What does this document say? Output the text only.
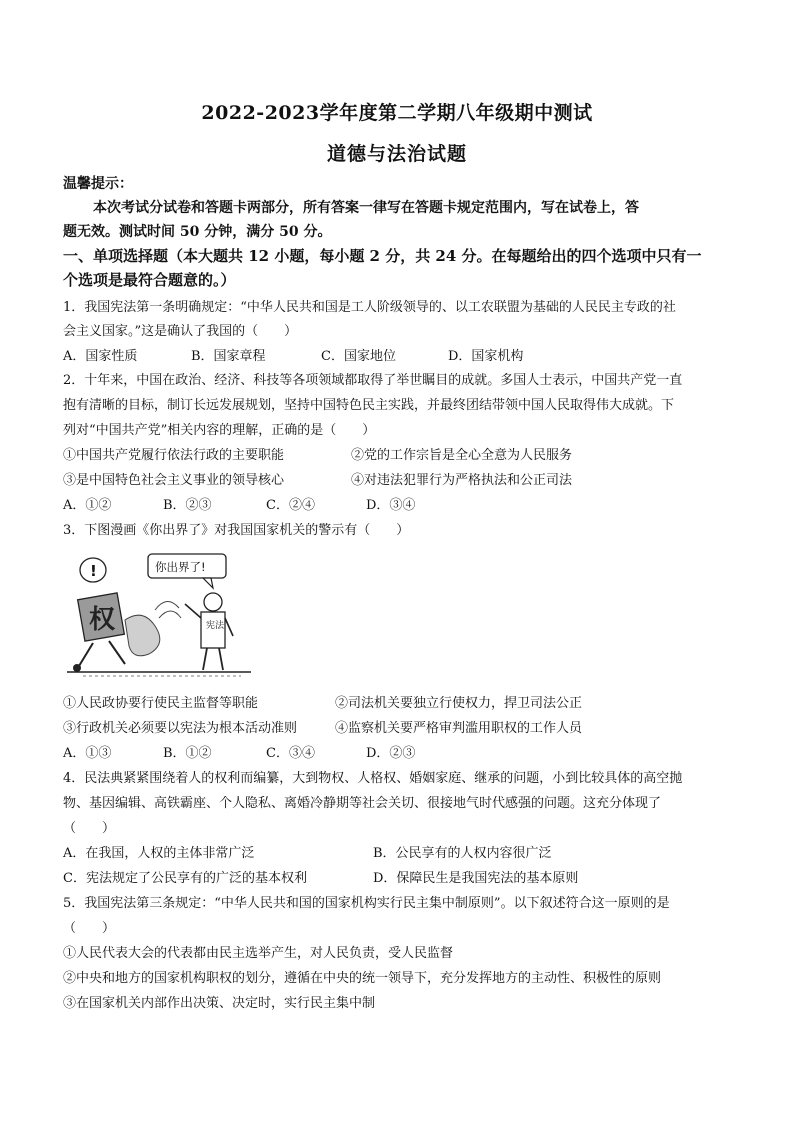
2022-2023学年度第二学期八年级期中测试
道德与法治试题
温馨提示：
本次考试分试卷和答题卡两部分，所有答案一律写在答题卡规定范围内，写在试卷上，答
题无效。测试时间 50 分钟，满分 50 分。
一、单项选择题（本大题共 12 小题，每小题 2 分，共 24 分。在每题给出的四个选项中只有一
个选项是最符合题意的。）
1．我国宪法第一条明确规定：“中华人民共和国是工人阶级领导的、以工农联盟为基础的人民民主专政的社
会主义国家。”这是确认了我国的（　　）
A．国家性质	B．国家章程	C．国家地位	D．国家机构
2．十年来，中国在政治、经济、科技等各项领域都取得了举世瞩目的成就。多国人士表示，中国共产党一直
抱有清晰的目标，制订长远发展规划，坚持中国特色民主实践，并最终团结带领中国人民取得伟大成就。下
列对“中国共产党”相关内容的理解，正确的是（　　）
①中国共产党履行依法行政的主要职能	②党的工作宗旨是全心全意为人民服务
③是中国特色社会主义事业的领导核心	④对违法犯罪行为严格执法和公正司法
A．①②	B．②③	C．②④	D．③④
3．下图漫画《你出界了》对我国国家机关的警示有（　　）
!	你出界了!
权	宪法
①人民政协要行使民主监督等职能	②司法机关要独立行使权力，捍卫司法公正
③行政机关必须要以宪法为根本活动准则	④监察机关要严格审判滥用职权的工作人员
A．①③	B．①②	C．③④	D．②③
4．民法典紧紧围绕着人的权利而编纂，大到物权、人格权、婚姻家庭、继承的问题，小到比较具体的高空抛
物、基因编辑、高铁霸座、个人隐私、离婚冷静期等社会关切、很接地气时代感强的问题。这充分体现了
（　　）
A．在我国，人权的主体非常广泛	B．公民享有的人权内容很广泛
C．宪法规定了公民享有的广泛的基本权利	D．保障民生是我国宪法的基本原则
5．我国宪法第三条规定：“中华人民共和国的国家机构实行民主集中制原则”。以下叙述符合这一原则的是
（　　）
①人民代表大会的代表都由民主选举产生，对人民负责，受人民监督
②中央和地方的国家机构职权的划分，遵循在中央的统一领导下，充分发挥地方的主动性、积极性的原则
③在国家机关内部作出决策、决定时，实行民主集中制
